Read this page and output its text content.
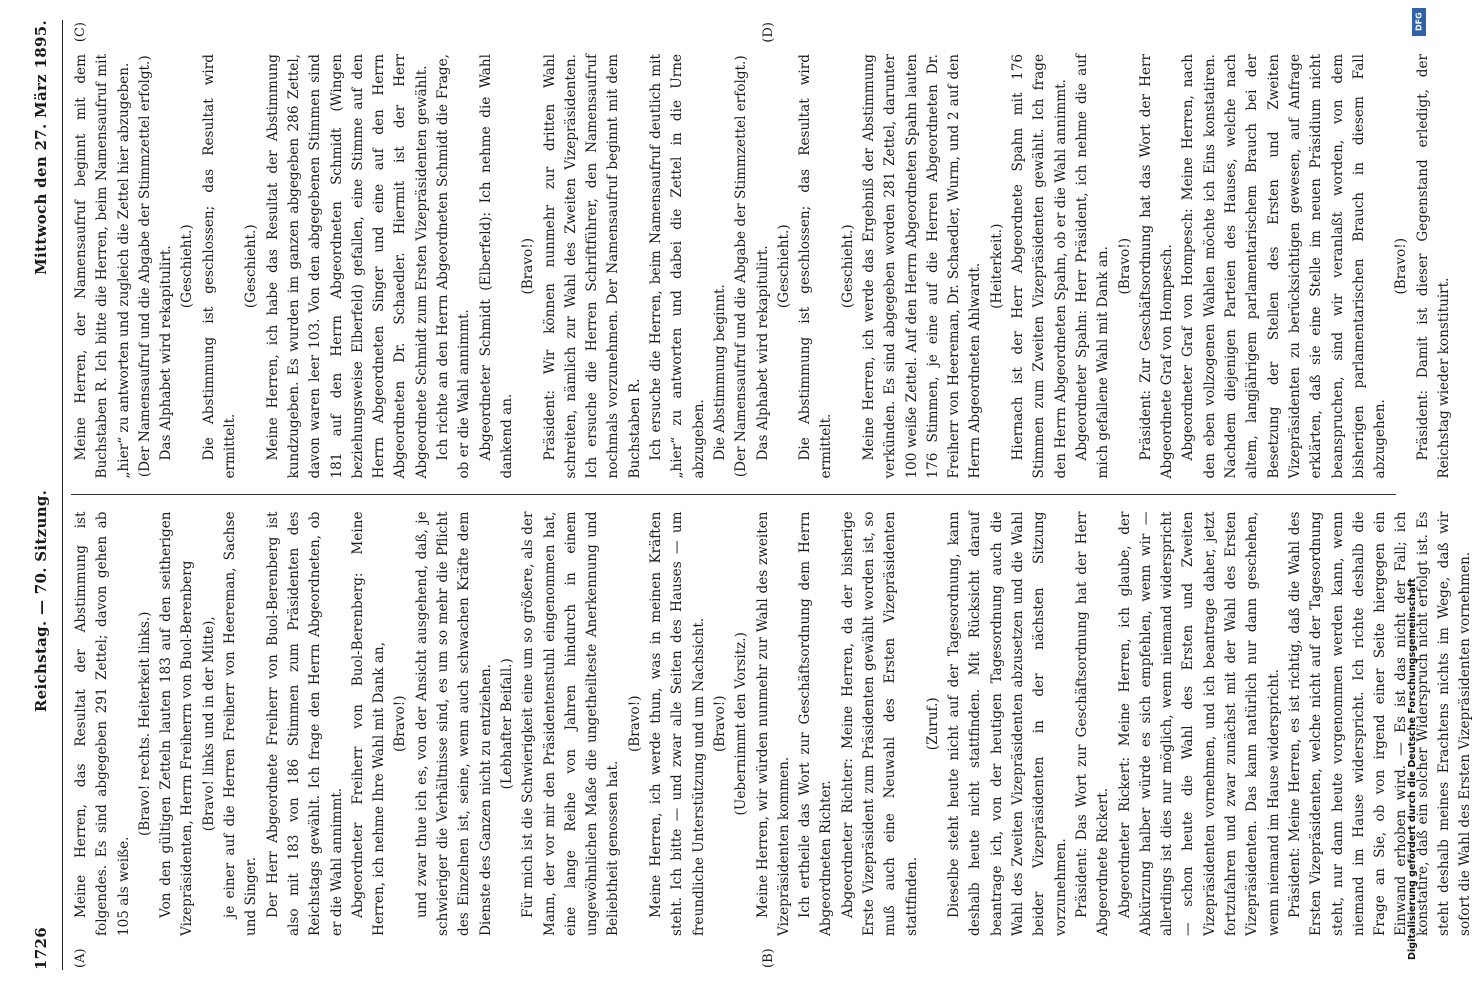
1726
Reichstag. — 70. Sitzung.
Mittwoch den 27. März 1895.
(A)	(B)

Meine Herren, das Resultat der Abstimmung ist folgendes. Es sind abgegeben 291 Zettel; davon gehen ab 105 als weiße.

(Bravo! rechts. Heiterkeit links.) Von den gültigen Zetteln lauten 183 auf den seitherigen Vizepräsidenten, Herrn Freiherrn von Buol-Berenberg (Bravo! links und in der Mitte), je einer auf die Herren Freiherr von Heereman, Sachse und Singer. Der Herr Abgeordnete Freiherr von Buol-Berenberg ist also mit 183 von 186 Stimmen zum Präsidenten des Reichstags gewählt. Ich frage den Herrn Abgeordneten, ob er die Wahl annimmt. Abgeordneter Freiherr von Buol-Berenberg: Meine Herren, ich nehme Ihre Wahl mit Dank an, (Bravo!) und zwar thue ich es, von der Ansicht ausgehend, daß, je schwieriger die Verhältnisse sind, es um so mehr die Pflicht des Einzelnen ist, seine, wenn auch schwachen Kräfte dem Dienste des Ganzen nicht zu entziehen. (Lebhafter Beifall.) Für mich ist die Schwierigkeit eine um so größere, als der Mann, der vor mir den Präsidentenstuhl eingenommen hat, eine lange Reihe von Jahren hindurch in einem ungewöhnlichen Maße die ungetheilteste Anerkennung und Beliebtheit genossen hat.

(Bravo!) Meine Herren, ich werde thun, was in meinen Kräften steht. Ich bitte — und zwar alle Seiten des Hauses — um freundliche Unterstützung und um Nachsicht. (Bravo!) (Uebernimmt den Vorsitz.) Meine Herren, wir würden nunmehr zur Wahl des zweiten Vizepräsidenten kommen. Ich ertheile das Wort zur Geschäftsordnung dem Herrn Abgeordneten Richter. Abgeordneter Richter: Meine Herren, da der bisherige Erste Vizepräsident zum Präsidenten gewählt worden ist, so muß auch eine Neuwahl des Ersten Vizepräsidenten stattfinden.

(Zuruf.) Dieselbe steht heute nicht auf der Tagesordnung, kann deshalb heute nicht stattfinden. Mit Rücksicht darauf beantrage ich, von der heutigen Tagesordnung auch die Wahl des Zweiten Vizepräsidenten abzusetzen und die Wahl beider Vizepräsidenten in der nächsten Sitzung vorzunehmen. Präsident: Das Wort zur Geschäftsordnung hat der Herr Abgeordnete Rickert. Abgeordneter Rickert: Meine Herren, ich glaube, der Abkürzung halber würde es sich empfehlen, wenn wir — allerdings ist dies nur möglich, wenn niemand widerspricht — schon heute die Wahl des Ersten und Zweiten Vizepräsidenten vornehmen, und ich beantrage daher, jetzt fortzufahren und zwar zunächst mit der Wahl des Ersten Vizepräsidenten. Das kann natürlich nur dann geschehen, wenn niemand im Hause widerspricht. Präsident: Meine Herren, es ist richtig, daß die Wahl des Ersten Vizepräsidenten, welche nicht auf der Tagesordnung steht, nur dann heute vorgenommen werden kann, wenn niemand im Hause widerspricht. Ich richte deshalb die Frage an Sie, ob von irgend einer Seite hiergegen ein Einwand erhoben wird. — Es ist das nicht der Fall; ich konstatire, daß ein solcher Widerspruch nicht erfolgt ist. Es steht deshalb meines Erachtens nichts im Wege, daß wir sofort die Wahl des Ersten Vizepräsidenten vornehmen.

(C)	(D)

Meine Herren, der Namensaufruf beginnt mit dem Buchstaben R. Ich bitte die Herren, beim Namensaufruf mit „hier“ zu antworten und zugleich die Zettel hier abzugeben. (Der Namensaufruf und die Abgabe der Stimmzettel erfolgt.) Das Alphabet wird rekapitulirt. (Geschieht.) Die Abstimmung ist geschlossen; das Resultat wird ermittelt.

(Geschieht.) Meine Herren, ich habe das Resultat der Abstimmung kundzugeben. Es wurden im ganzen abgegeben 286 Zettel, davon waren leer 103. Von den abgegebenen Stimmen sind 181 auf den Herrn Abgeordneten Schmidt (Wingen beziehungsweise Elberfeld) gefallen, eine Stimme auf den Herrn Abgeordneten Singer und eine auf den Herrn Abgeordneten Dr. Schaedler. Hiermit ist der Herr Abgeordnete Schmidt zum Ersten Vizepräsidenten gewählt. Ich richte an den Herrn Abgeordneten Schmidt die Frage, ob er die Wahl annimmt. Abgeordneter Schmidt (Elberfeld): Ich nehme die Wahl dankend an.

(Bravo!) Präsident: Wir können nunmehr zur dritten Wahl schreiten, nämlich zur Wahl des Zweiten Vizepräsidenten. Ich ersuche die Herren Schriftführer, den Namensaufruf nochmals vorzunehmen. Der Namensaufruf beginnt mit dem Buchstaben R. Ich ersuche die Herren, beim Namensaufruf deutlich mit „hier“ zu antworten und dabei die Zettel in die Urne abzugeben. Die Abstimmung beginnt. (Der Namensaufruf und die Abgabe der Stimmzettel erfolgt.) Das Alphabet wird rekapitulirt. (Geschieht.) Die Abstimmung ist geschlossen; das Resultat wird ermittelt.

(Geschieht.) Meine Herren, ich werde das Ergebniß der Abstimmung verkünden. Es sind abgegeben worden 281 Zettel, darunter 100 weiße Zettel. Auf den Herrn Abgeordneten Spahn lauten 176 Stimmen, je eine auf die Herren Abgeordneten Dr. Freiherr von Heereman, Dr. Schaedler, Wurm, und 2 auf den Herrn Abgeordneten Ahlwardt. (Heiterkeit.) Hiernach ist der Herr Abgeordnete Spahn mit 176 Stimmen zum Zweiten Vizepräsidenten gewählt. Ich frage den Herrn Abgeordneten Spahn, ob er die Wahl annimmt. Abgeordneter Spahn: Herr Präsident, ich nehme die auf mich gefallene Wahl mit Dank an. (Bravo!) Präsident: Zur Geschäftsordnung hat das Wort der Herr Abgeordnete Graf von Hompesch. Abgeordneter Graf von Hompesch: Meine Herren, nach den eben vollzogenen Wahlen möchte ich Eins konstatiren. Nachdem diejenigen Parteien des Hauses, welche nach altem, langjährigem parlamentarischem Brauch bei der Besetzung der Stellen des Ersten und Zweiten Vizepräsidenten zu berücksichtigen gewesen, auf Anfrage erklärten, daß sie eine Stelle im neuen Präsidium nicht beanspruchen, sind wir veranlaßt worden, von dem bisherigen parlamentarischen Brauch in diesem Fall abzugehen.

(Bravo!) Präsident: Damit ist dieser Gegenstand erledigt, der Reichstag wieder konstituirt.

DFG
Digitalisierung gefördert durch die Deutsche Forschungsgemeinschaft
